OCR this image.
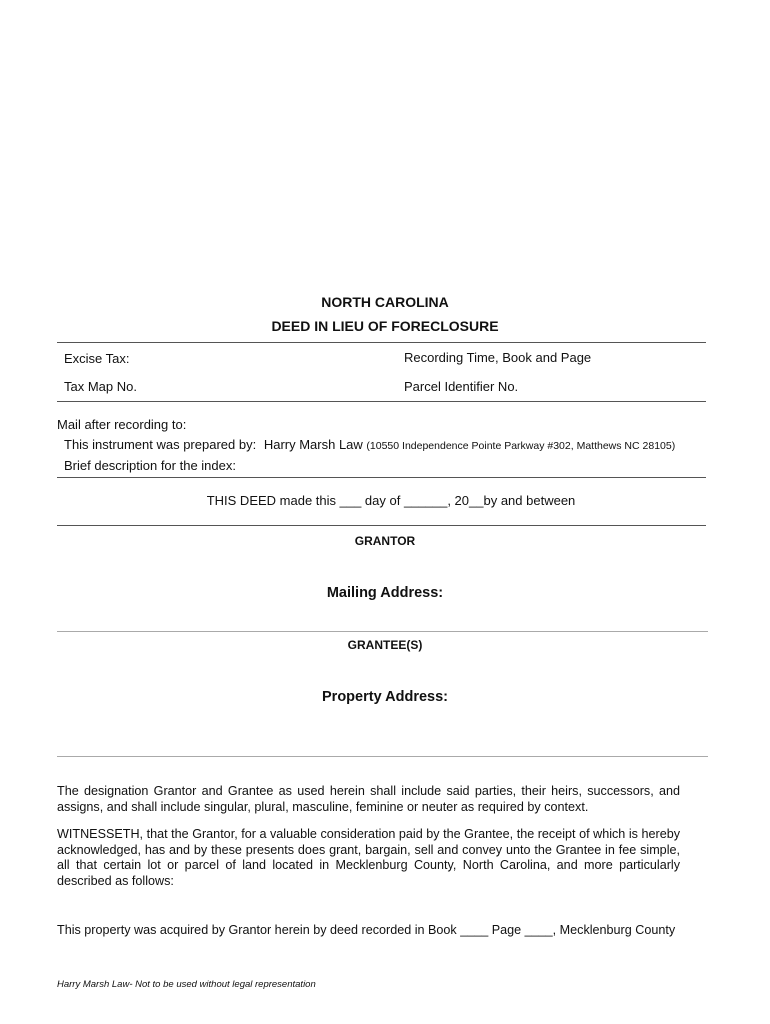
NORTH CAROLINA
DEED IN LIEU OF FORECLOSURE
Excise Tax:	Recording Time, Book and Page
Tax Map No.	Parcel Identifier No.
Mail after recording to:
This instrument was prepared by: Harry Marsh Law (10550 Independence Pointe Parkway #302, Matthews NC 28105)
Brief description for the index:
THIS DEED made this ___ day of ______, 20__by and between
GRANTOR
Mailing Address:
GRANTEE(S)
Property Address:
The designation Grantor and Grantee as used herein shall include said parties, their heirs, successors, and assigns, and shall include singular, plural, masculine, feminine or neuter as required by context.
WITNESSETH, that the Grantor, for a valuable consideration paid by the Grantee, the receipt of which is hereby acknowledged, has and by these presents does grant, bargain, sell and convey unto the Grantee in fee simple, all that certain lot or parcel of land located in Mecklenburg County, North Carolina, and more particularly described as follows:
This property was acquired by Grantor herein by deed recorded in Book ____ Page ____, Mecklenburg County
Harry Marsh Law- Not to be used without legal representation
